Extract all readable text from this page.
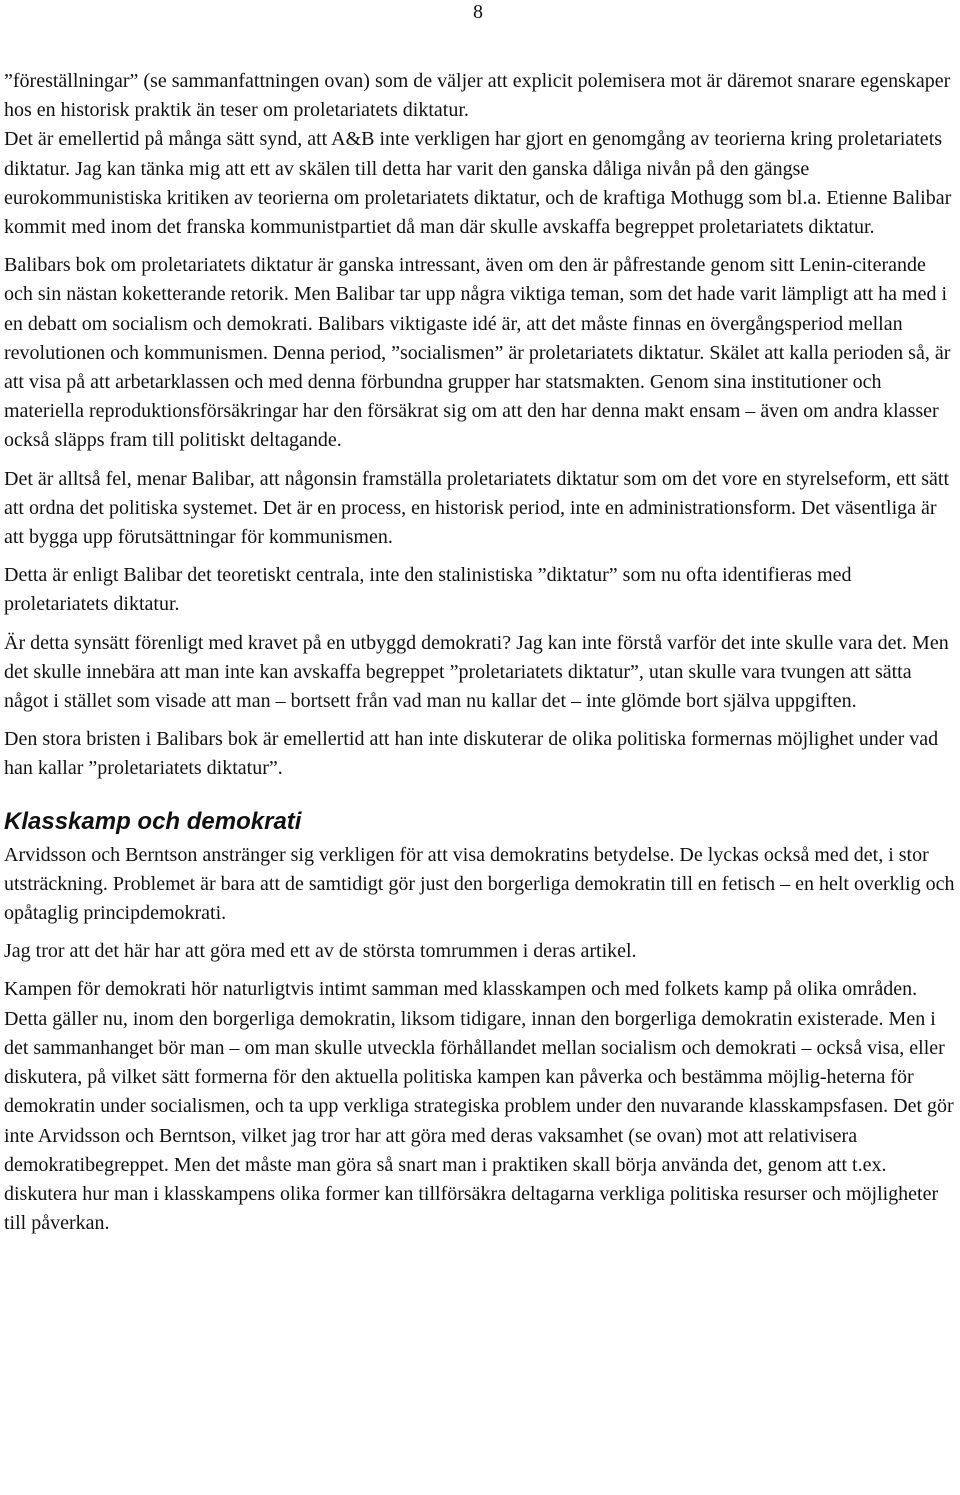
8

”föreställningar” (se sammanfattningen ovan) som de väljer att explicit polemisera mot är däremot snarare egenskaper hos en historisk praktik än teser om proletariatets diktatur.

Det är emellertid på många sätt synd, att A&B inte verkligen har gjort en genomgång av teorierna kring proletariatets diktatur. Jag kan tänka mig att ett av skälen till detta har varit den ganska dåliga nivån på den gängse eurokommunistiska kritiken av teorierna om proletariatets diktatur, och de kraftiga Mothugg som bl.a. Etienne Balibar kommit med inom det franska kommunistpartiet då man där skulle avskaffa begreppet proletariatets diktatur.

Balibars bok om proletariatets diktatur är ganska intressant, även om den är påfrestande genom sitt Lenin-citerande och sin nästan koketterande retorik. Men Balibar tar upp några viktiga teman, som det hade varit lämpligt att ha med i en debatt om socialism och demokrati. Balibars viktigaste idé är, att det måste finnas en övergångsperiod mellan revolutionen och kommunismen. Denna period, ”socialismen” är proletariatets diktatur. Skälet att kalla perioden så, är att visa på att arbetarklassen och med denna förbundna grupper har statsmakten. Genom sina institutioner och materiella reproduktionsförsäkringar har den försäkrat sig om att den har denna makt ensam – även om andra klasser också släpps fram till politiskt deltagande.

Det är alltså fel, menar Balibar, att någonsin framställa proletariatets diktatur som om det vore en styrelseform, ett sätt att ordna det politiska systemet. Det är en process, en historisk period, inte en administrationsform. Det väsentliga är att bygga upp förutsättningar för kommunismen.

Detta är enligt Balibar det teoretiskt centrala, inte den stalinistiska ”diktatur” som nu ofta identifieras med proletariatets diktatur.

Är detta synsätt förenligt med kravet på en utbyggd demokrati? Jag kan inte förstå varför det inte skulle vara det. Men det skulle innebära att man inte kan avskaffa begreppet ”proletariatets diktatur”, utan skulle vara tvungen att sätta något i stället som visade att man – bortsett från vad man nu kallar det – inte glömde bort själva uppgiften.

Den stora bristen i Balibars bok är emellertid att han inte diskuterar de olika politiska formernas möjlighet under vad han kallar ”proletariatets diktatur”.

Klasskamp och demokrati

Arvidsson och Berntson anstränger sig verkligen för att visa demokratins betydelse. De lyckas också med det, i stor utsträckning. Problemet är bara att de samtidigt gör just den borgerliga demokratin till en fetisch – en helt overklig och opåtaglig principdemokrati.

Jag tror att det här har att göra med ett av de största tomrummen i deras artikel.

Kampen för demokrati hör naturligtvis intimt samman med klasskampen och med folkets kamp på olika områden. Detta gäller nu, inom den borgerliga demokratin, liksom tidigare, innan den borgerliga demokratin existerade. Men i det sammanhanget bör man – om man skulle utveckla förhållandet mellan socialism och demokrati – också visa, eller diskutera, på vilket sätt formerna för den aktuella politiska kampen kan påverka och bestämma möjlig-heterna för demokratin under socialismen, och ta upp verkliga strategiska problem under den nuvarande klasskampsfasen. Det gör inte Arvidsson och Berntson, vilket jag tror har att göra med deras vaksamhet (se ovan) mot att relativisera demokratibegreppet. Men det måste man göra så snart man i praktiken skall börja använda det, genom att t.ex. diskutera hur man i klasskampens olika former kan tillförsäkra deltagarna verkliga politiska resurser och möjligheter till påverkan.
